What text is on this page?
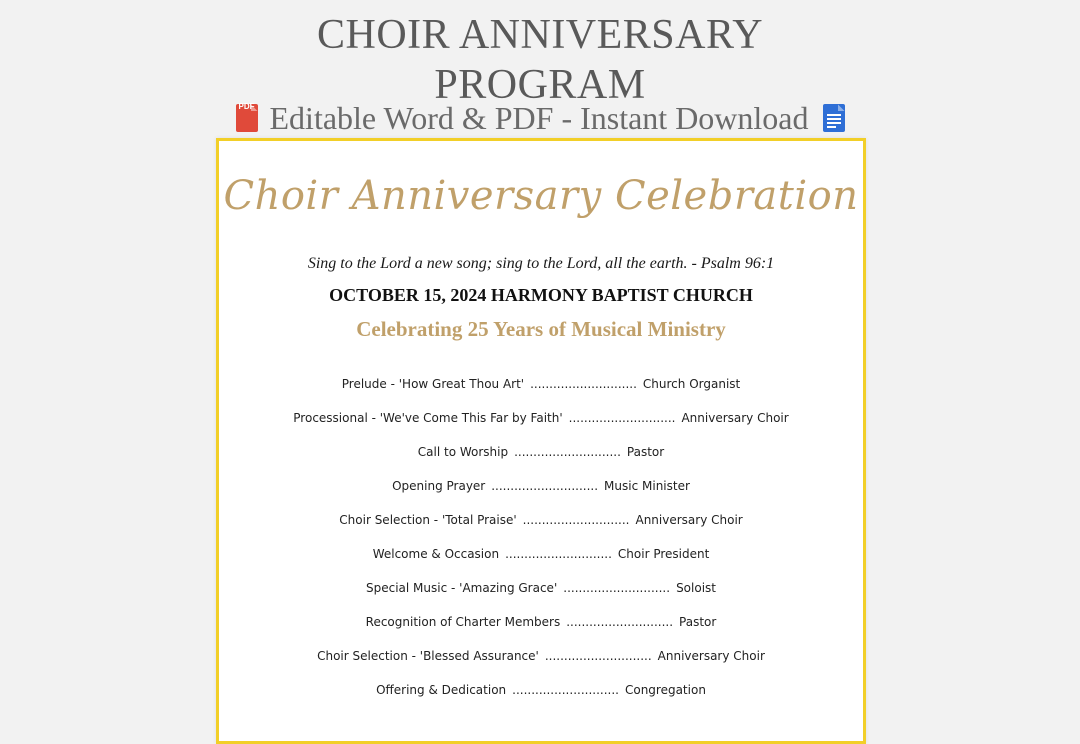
CHOIR ANNIVERSARY PROGRAM
PDF Editable Word & PDF - Instant Download
Choir Anniversary Celebration
Sing to the Lord a new song; sing to the Lord, all the earth. - Psalm 96:1
OCTOBER 15, 2024 HARMONY BAPTIST CHURCH
Celebrating 25 Years of Musical Ministry
Prelude - 'How Great Thou Art' ............................ Church Organist
Processional - 'We've Come This Far by Faith' ............................ Anniversary Choir
Call to Worship ............................ Pastor
Opening Prayer ............................ Music Minister
Choir Selection - 'Total Praise' ............................ Anniversary Choir
Welcome & Occasion ............................ Choir President
Special Music - 'Amazing Grace' ............................ Soloist
Recognition of Charter Members ............................ Pastor
Choir Selection - 'Blessed Assurance' ............................ Anniversary Choir
Offering & Dedication ............................ Congregation
